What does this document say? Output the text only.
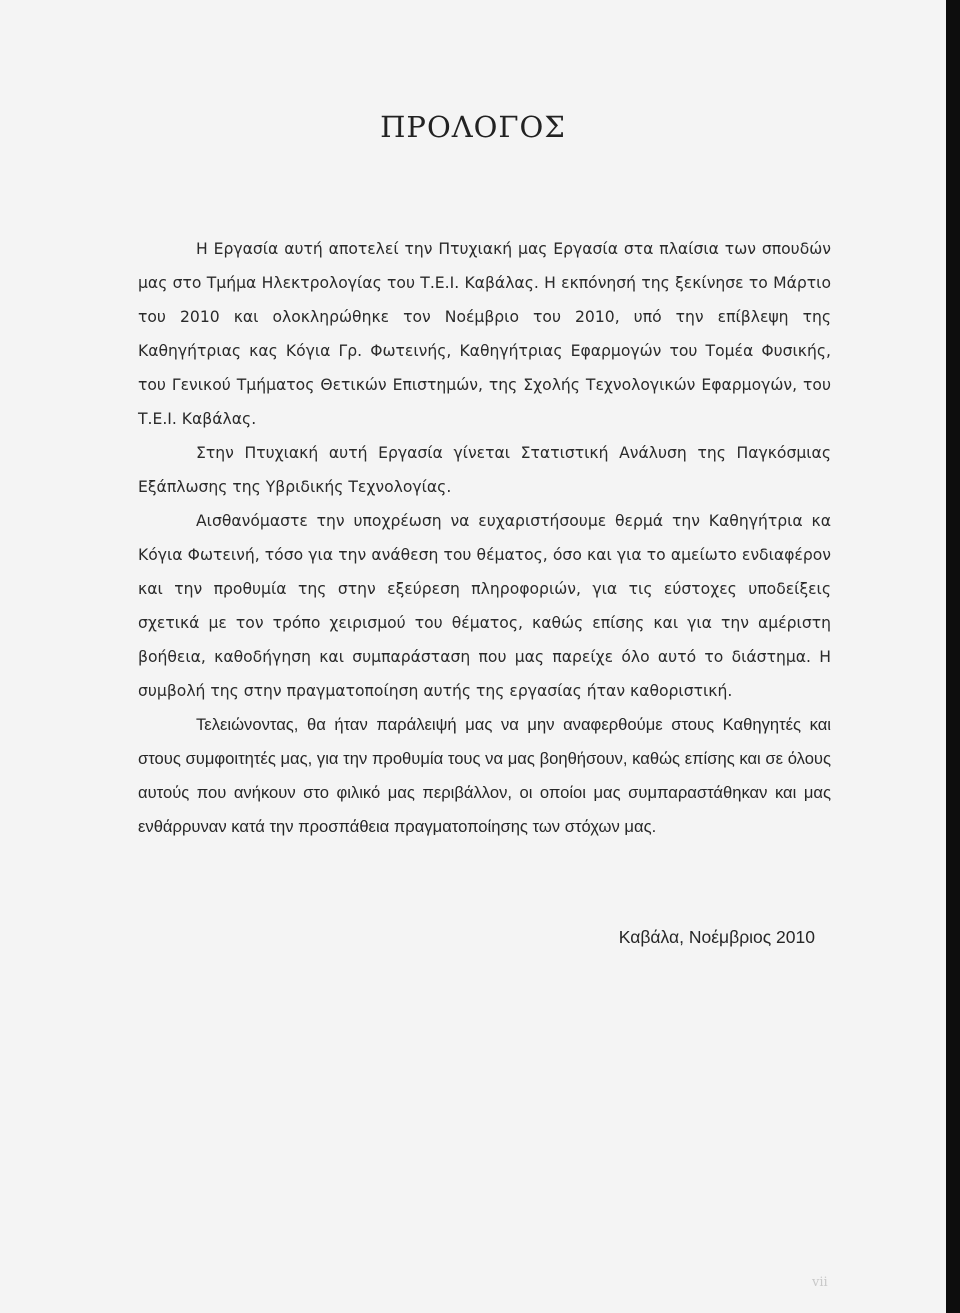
ΠΡΟΛΟΓΟΣ

Η Εργασία αυτή αποτελεί την Πτυχιακή μας Εργασία στα πλαίσια των σπουδών μας στο Τμήμα Ηλεκτρολογίας του Τ.Ε.Ι. Καβάλας. Η εκπόνησή της ξεκίνησε το Μάρτιο του 2010 και ολοκληρώθηκε τον Νοέμβριο του 2010, υπό την επίβλεψη της Καθηγήτριας κας Κόγια Γρ. Φωτεινής, Καθηγήτριας Εφαρμογών του Τομέα Φυσικής, του Γενικού Τμήματος Θετικών Επιστημών, της Σχολής Τεχνολογικών Εφαρμογών, του Τ.Ε.Ι. Καβάλας.

Στην Πτυχιακή αυτή Εργασία γίνεται Στατιστική Ανάλυση της Παγκόσμιας Εξάπλωσης της Υβριδικής Τεχνολογίας.

Αισθανόμαστε την υποχρέωση να ευχαριστήσουμε θερμά την Καθηγήτρια κα Κόγια Φωτεινή, τόσο για την ανάθεση του θέματος, όσο και για το αμείωτο ενδιαφέρον και την προθυμία της στην εξεύρεση πληροφοριών, για τις εύστοχες υποδείξεις σχετικά με τον τρόπο χειρισμού του θέματος, καθώς επίσης και για την αμέριστη βοήθεια, καθοδήγηση και συμπαράσταση που μας παρείχε όλο αυτό το διάστημα. Η συμβολή της στην πραγματοποίηση αυτής της εργασίας ήταν καθοριστική.

Τελειώνοντας, θα ήταν παράλειψή μας να μην αναφερθούμε στους Καθηγητές και στους συμφοιτητές μας, για την προθυμία τους να μας βοηθήσουν, καθώς επίσης και σε όλους αυτούς που ανήκουν στο φιλικό μας περιβάλλον, οι οποίοι μας συμπαραστάθηκαν και μας ενθάρρυναν κατά την προσπάθεια πραγματοποίησης των στόχων μας.

Καβάλα, Νοέμβριος 2010
vii
